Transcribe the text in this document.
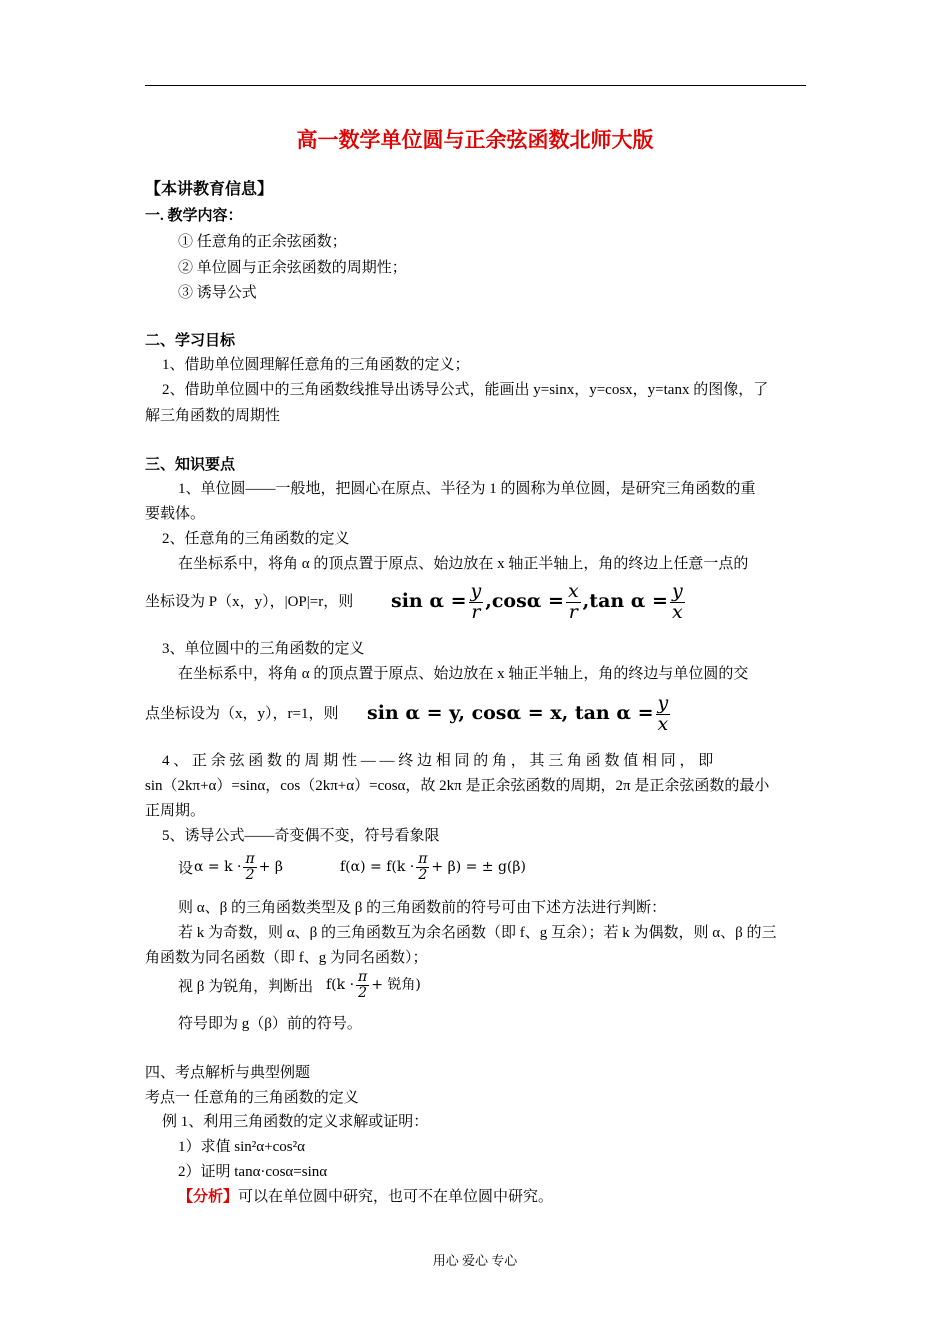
高一数学单位圆与正余弦函数北师大版
【本讲教育信息】
一. 教学内容：
① 任意角的正余弦函数；
② 单位圆与正余弦函数的周期性；
③ 诱导公式
二、学习目标
1、借助单位圆理解任意角的三角函数的定义；
2、借助单位圆中的三角函数线推导出诱导公式，能画出 y=sinx，y=cosx，y=tanx 的图像，了
解三角函数的周期性
三、知识要点
1、单位圆——一般地，把圆心在原点、半径为 1 的圆称为单位圆，是研究三角函数的重
要载体。
2、任意角的三角函数的定义
在坐标系中，将角 α 的顶点置于原点、始边放在 x 轴正半轴上，角的终边上任意一点的
坐标设为 P（x，y），|OP|=r，则 $\sin \alpha = \frac{y}{r} ,\cos\alpha = \frac{x}{r} ,\tan$ $\alpha = \frac{y}{x}$
3、单位圆中的三角函数的定义
在坐标系中，将角 α 的顶点置于原点、始边放在 x 轴正半轴上，角的终边与单位圆的交
点坐标设为（x，y），r=1，则 sin α = y, cosα = x, $\tan \alpha = \frac{y}{x}$
4 、 正 余 弦 函 数 的 周 期 性 — — 终 边 相 同 的 角 ， 其 三 角 函 数 值 相 同 ， 即
sin（2kπ+α）=sinα，cos（2kπ+α）=cosα，故 2kπ 是正余弦函数的周期，2π 是正余弦函数的最小
正周期。
5、诱导公式——奇变偶不变，符号看象限
设 $\alpha = k \cdot \frac{\pi}{2} + \beta$	$f(\alpha) = f(k \cdot \frac{\pi}{2} + \beta)$ = ± g(β)
则 α、β 的三角函数类型及 β 的三角函数前的符号可由下述方法进行判断：
若 k 为奇数，则 α、β 的三角函数互为余名函数（即 f、g 互余）；若 k 为偶数，则 α、β 的三
角函数为同名函数（即 f、g 为同名函数）；
视 β 为锐角，判断出 $f(k \cdot \frac{\pi}{2}$ + 锐角)
符号即为 g（β）前的符号。
四、考点解析与典型例题
考点一 任意角的三角函数的定义
例 1、利用三角函数的定义求解或证明：
1）求值 sin²α+cos²α
2）证明 tanα·cosα=sinα
【分析】可以在单位圆中研究，也可不在单位圆中研究。
用心 爱心 专心
